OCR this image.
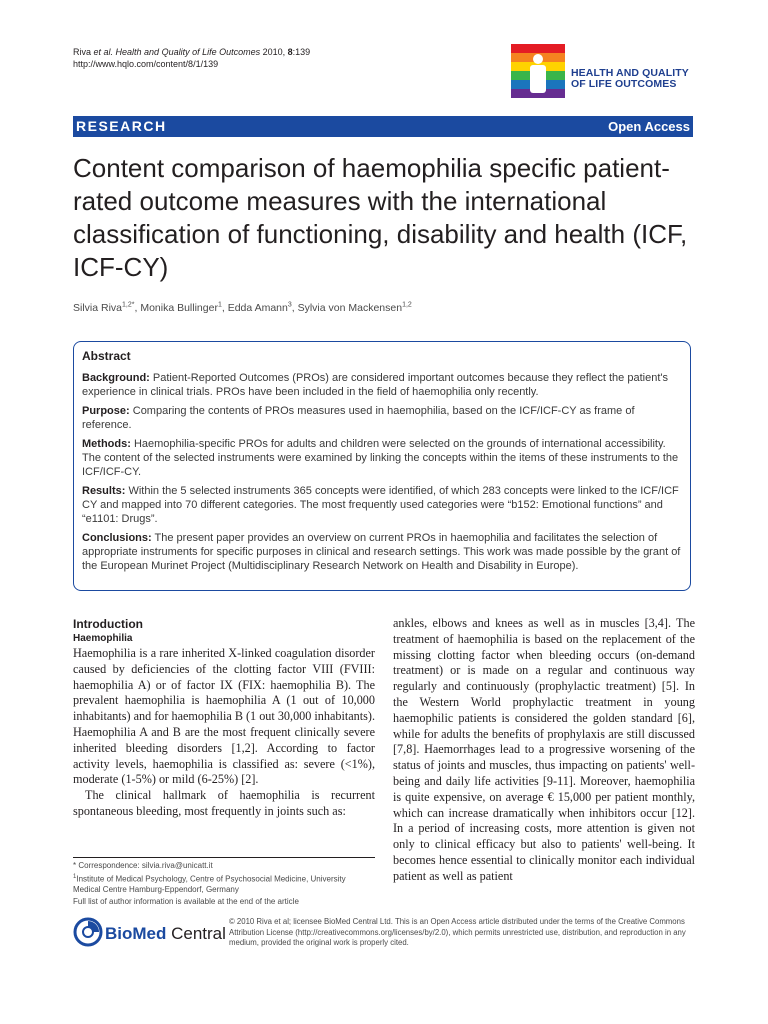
Riva et al. Health and Quality of Life Outcomes 2010, 8:139
http://www.hqlo.com/content/8/1/139
HEALTH AND QUALITY
OF LIFE OUTCOMES
RESEARCH	Open Access
Content comparison of haemophilia specific patient-rated outcome measures with the international classification of functioning, disability and health (ICF, ICF-CY)
Silvia Riva$^{1,2*}$, Monika Bullinger$^1$, Edda Amann$^3$, Sylvia von Mackensen$^{1,2}$
Abstract

Background: Patient-Reported Outcomes (PROs) are considered important outcomes because they reflect the patient's experience in clinical trials. PROs have been included in the field of haemophilia only recently.

Purpose: Comparing the contents of PROs measures used in haemophilia, based on the ICF/ICF-CY as frame of reference.

Methods: Haemophilia-specific PROs for adults and children were selected on the grounds of international accessibility. The content of the selected instruments were examined by linking the concepts within the items of these instruments to the ICF/ICF-CY.

Results: Within the 5 selected instruments 365 concepts were identified, of which 283 concepts were linked to the ICF/ICF CY and mapped into 70 different categories. The most frequently used categories were “b152: Emotional functions” and “e1101: Drugs”.

Conclusions: The present paper provides an overview on current PROs in haemophilia and facilitates the selection of appropriate instruments for specific purposes in clinical and research settings. This work was made possible by the grant of the European Murinet Project (Multidisciplinary Research Network on Health and Disability in Europe).

Introduction
Haemophilia

Haemophilia is a rare inherited X-linked coagulation disorder caused by deficiencies of the clotting factor VIII (FVIII: haemophilia A) or of factor IX (FIX: haemophilia B). The prevalent haemophilia is haemophilia A (1 out of 10,000 inhabitants) and for haemophilia B (1 out 30,000 inhabitants). Haemophilia A and B are the most frequent clinically severe inherited bleeding disorders [1,2]. According to factor activity levels, haemophilia is classified as: severe (<1%), moderate (1-5%) or mild (6-25%) [2].

The clinical hallmark of haemophilia is recurrent spontaneous bleeding, most frequently in joints such as:

ankles, elbows and knees as well as in muscles [3,4]. The treatment of haemophilia is based on the replacement of the missing clotting factor when bleeding occurs (on-demand treatment) or is made on a regular and continuous way regularly and continuously (prophylactic treatment) [5]. In the Western World prophylactic treatment in young haemophilic patients is considered the golden standard [6], while for adults the benefits of prophylaxis are still discussed [7,8]. Haemorrhages lead to a progressive worsening of the status of joints and muscles, thus impacting on patients' well-being and daily life activities [9-11]. Moreover, haemophilia is quite expensive, on average € 15,000 per patient monthly, which can increase dramatically when inhibitors occur [12]. In a period of increasing costs, more attention is given not only to clinical efficacy but also to patients' well-being. It becomes hence essential to clinically monitor each individual patient as well as patient

* Correspondence: silvia.riva@unicatt.it
$^1$Institute of Medical Psychology, Centre of Psychosocial Medicine, University Medical Centre Hamburg-Eppendorf, Germany
Full list of author information is available at the end of the article
BioMed Central
© 2010 Riva et al; licensee BioMed Central Ltd. This is an Open Access article distributed under the terms of the Creative Commons Attribution License (http://creativecommons.org/licenses/by/2.0), which permits unrestricted use, distribution, and reproduction in any medium, provided the original work is properly cited.
